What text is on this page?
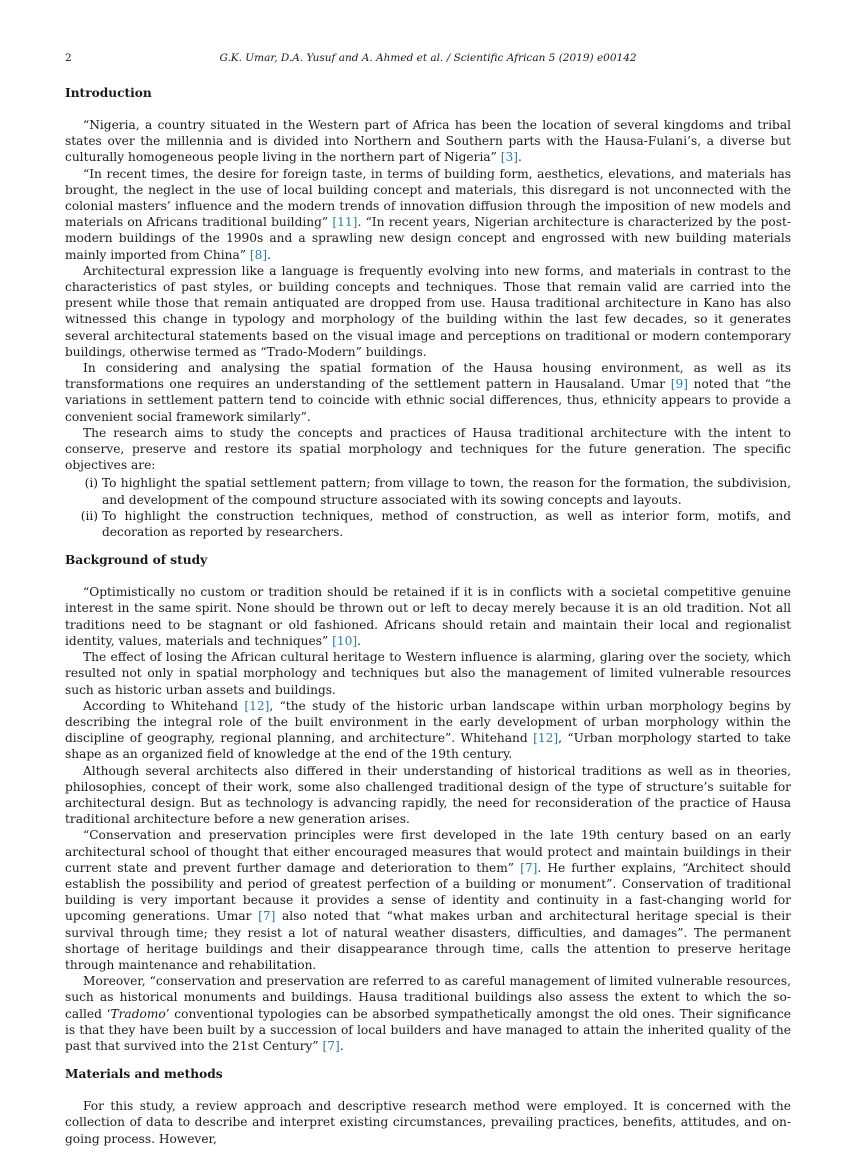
2	G.K. Umar, D.A. Yusuf and A. Ahmed et al. / Scientific African 5 (2019) e00142
Introduction

“Nigeria, a country situated in the Western part of Africa has been the location of several kingdoms and tribal states over the millennia and is divided into Northern and Southern parts with the Hausa-Fulani’s, a diverse but culturally homogeneous people living in the northern part of Nigeria” [3].

“In recent times, the desire for foreign taste, in terms of building form, aesthetics, elevations, and materials has brought, the neglect in the use of local building concept and materials, this disregard is not unconnected with the colonial masters’ influence and the modern trends of innovation diffusion through the imposition of new models and materials on Africans traditional building” [11]. “In recent years, Nigerian architecture is characterized by the post-modern buildings of the 1990s and a sprawling new design concept and engrossed with new building materials mainly imported from China” [8].

Architectural expression like a language is frequently evolving into new forms, and materials in contrast to the characteristics of past styles, or building concepts and techniques. Those that remain valid are carried into the present while those that remain antiquated are dropped from use. Hausa traditional architecture in Kano has also witnessed this change in typology and morphology of the building within the last few decades, so it generates several architectural statements based on the visual image and perceptions on traditional or modern contemporary buildings, otherwise termed as “Trado-Modern” buildings.

In considering and analysing the spatial formation of the Hausa housing environment, as well as its transformations one requires an understanding of the settlement pattern in Hausaland. Umar [9] noted that “the variations in settlement pattern tend to coincide with ethnic social differences, thus, ethnicity appears to provide a convenient social framework similarly”.

The research aims to study the concepts and practices of Hausa traditional architecture with the intent to conserve, preserve and restore its spatial morphology and techniques for the future generation. The specific objectives are:

(i) To highlight the spatial settlement pattern; from village to town, the reason for the formation, the subdivision, and development of the compound structure associated with its sowing concepts and layouts.
(ii) To highlight the construction techniques, method of construction, as well as interior form, motifs, and decoration as reported by researchers.
Background of study

“Optimistically no custom or tradition should be retained if it is in conflicts with a societal competitive genuine interest in the same spirit. None should be thrown out or left to decay merely because it is an old tradition. Not all traditions need to be stagnant or old fashioned. Africans should retain and maintain their local and regionalist identity, values, materials and techniques” [10].

The effect of losing the African cultural heritage to Western influence is alarming, glaring over the society, which resulted not only in spatial morphology and techniques but also the management of limited vulnerable resources such as historic urban assets and buildings.

According to Whitehand [12], “the study of the historic urban landscape within urban morphology begins by describing the integral role of the built environment in the early development of urban morphology within the discipline of geography, regional planning, and architecture”. Whitehand [12], “Urban morphology started to take shape as an organized field of knowledge at the end of the 19th century.

Although several architects also differed in their understanding of historical traditions as well as in theories, philosophies, concept of their work, some also challenged traditional design of the type of structure’s suitable for architectural design. But as technology is advancing rapidly, the need for reconsideration of the practice of Hausa traditional architecture before a new generation arises.

“Conservation and preservation principles were first developed in the late 19th century based on an early architectural school of thought that either encouraged measures that would protect and maintain buildings in their current state and prevent further damage and deterioration to them” [7]. He further explains, “Architect should establish the possibility and period of greatest perfection of a building or monument”. Conservation of traditional building is very important because it provides a sense of identity and continuity in a fast-changing world for upcoming generations. Umar [7] also noted that “what makes urban and architectural heritage special is their survival through time; they resist a lot of natural weather disasters, difficulties, and damages”. The permanent shortage of heritage buildings and their disappearance through time, calls the attention to preserve heritage through maintenance and rehabilitation.

Moreover, “conservation and preservation are referred to as careful management of limited vulnerable resources, such as historical monuments and buildings. Hausa traditional buildings also assess the extent to which the so-called ‘Tradomo’ conventional typologies can be absorbed sympathetically amongst the old ones. Their significance is that they have been built by a succession of local builders and have managed to attain the inherited quality of the past that survived into the 21st Century” [7].

Materials and methods

For this study, a review approach and descriptive research method were employed. It is concerned with the collection of data to describe and interpret existing circumstances, prevailing practices, benefits, attitudes, and on-going process. However,
